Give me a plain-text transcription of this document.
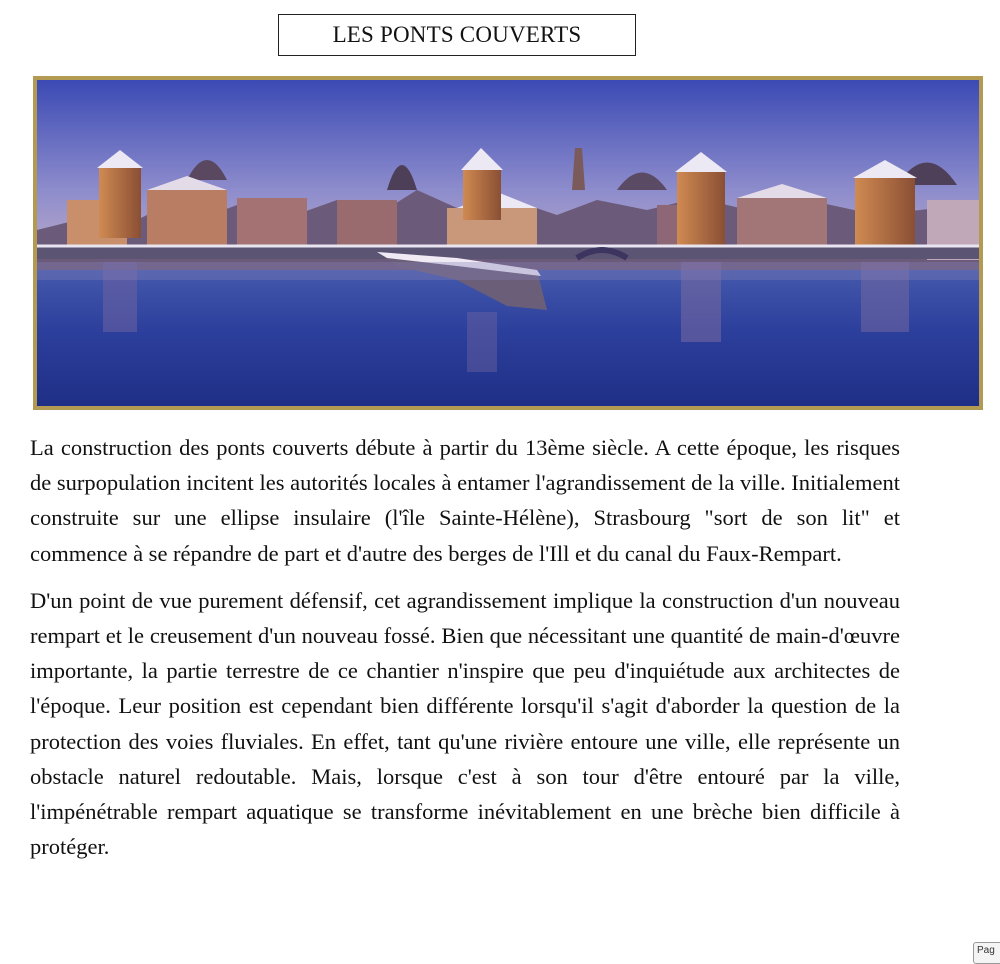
LES PONTS COUVERTS

La construction des ponts couverts débute à partir du 13ème siècle. A cette époque, les risques de surpopulation incitent les autorités locales à entamer l'agrandissement de la ville. Initialement construite sur une ellipse insulaire (l'île Sainte-Hélène), Strasbourg "sort de son lit" et commence à se répandre de part et d'autre des berges de l'Ill et du canal du Faux-Rempart.

D'un point de vue purement défensif, cet agrandissement implique la construction d'un nouveau rempart et le creusement d'un nouveau fossé. Bien que nécessitant une quantité de main-d'œuvre importante, la partie terrestre de ce chantier n'inspire que peu d'inquiétude aux architectes de l'époque. Leur position est cependant bien différente lorsqu'il s'agit d'aborder la question de la protection des voies fluviales. En effet, tant qu'une rivière entoure une ville, elle représente un obstacle naturel redoutable. Mais, lorsque c'est à son tour d'être entouré par la ville, l'impénétrable rempart aquatique se transforme inévitablement en une brèche bien difficile à protéger.

Pag
